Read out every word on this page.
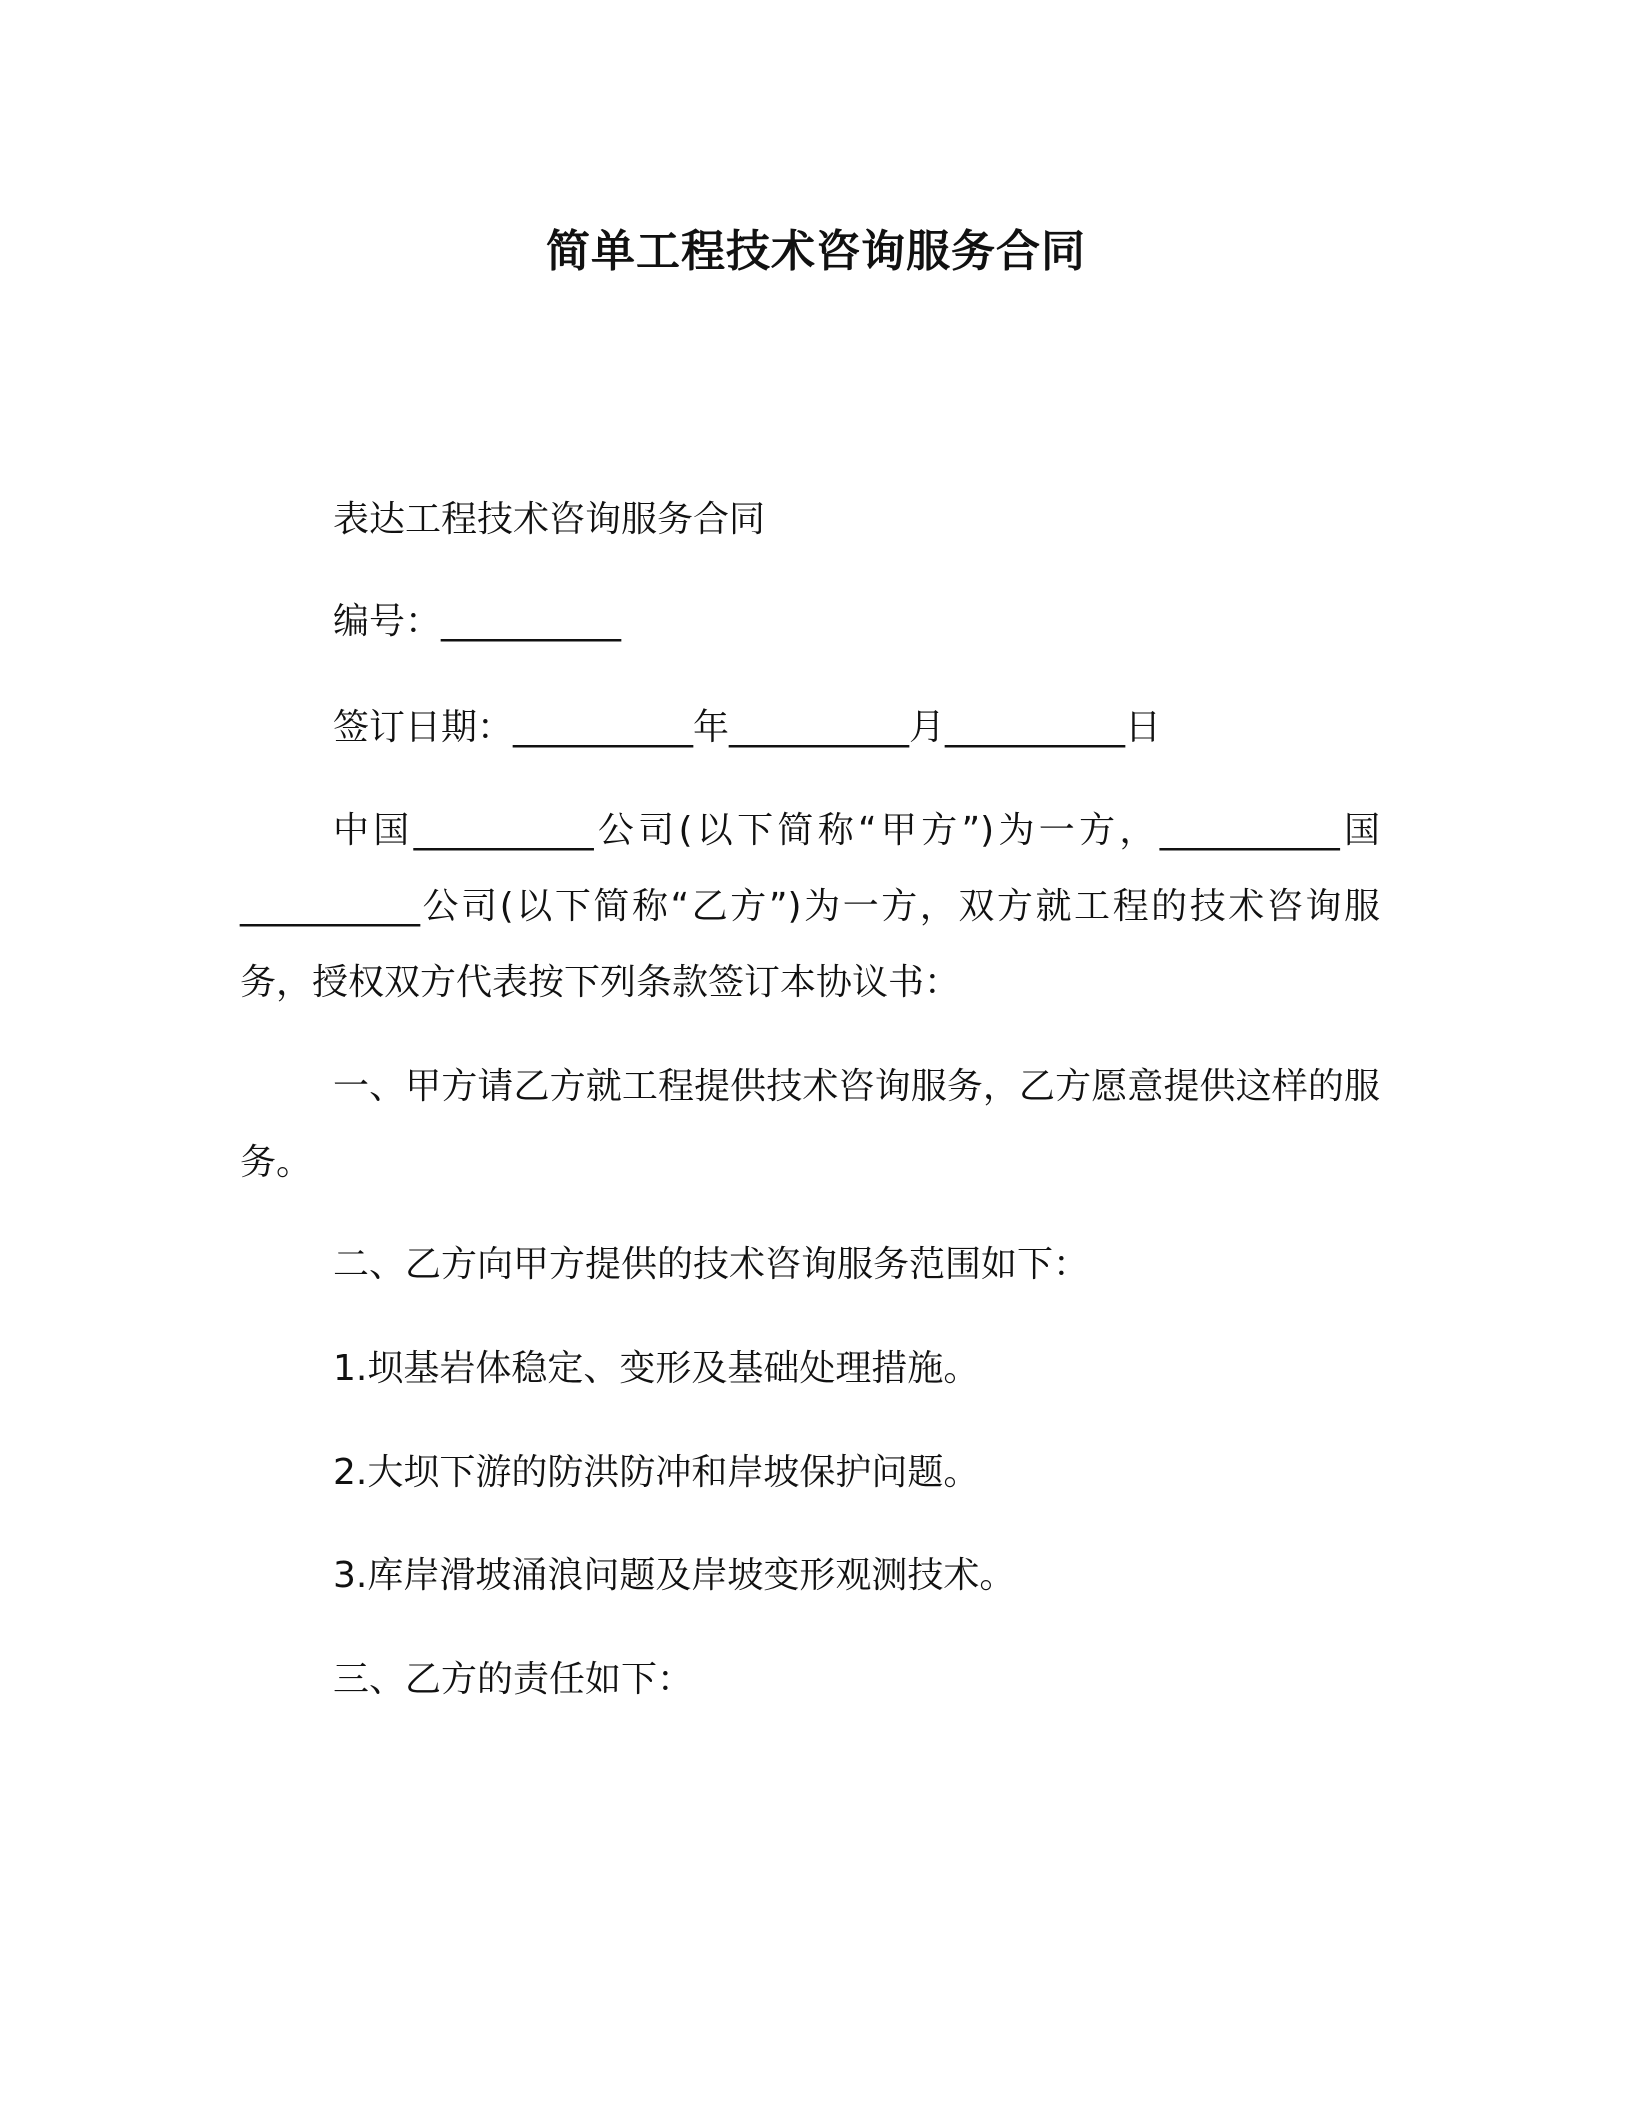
简单工程技术咨询服务合同
表达工程技术咨询服务合同
编号：__________
签订日期：__________年__________月__________日

中国__________公司(以下简称“甲方”)为一方，__________国__________公司(以下简称“乙方”)为一方，双方就工程的技术咨询服务，授权双方代表按下列条款签订本协议书：

一、甲方请乙方就工程提供技术咨询服务，乙方愿意提供这样的服务。

二、乙方向甲方提供的技术咨询服务范围如下：
1.坝基岩体稳定、变形及基础处理措施。
2.大坝下游的防洪防冲和岸坡保护问题。
3.库岸滑坡涌浪问题及岸坡变形观测技术。
三、乙方的责任如下：
